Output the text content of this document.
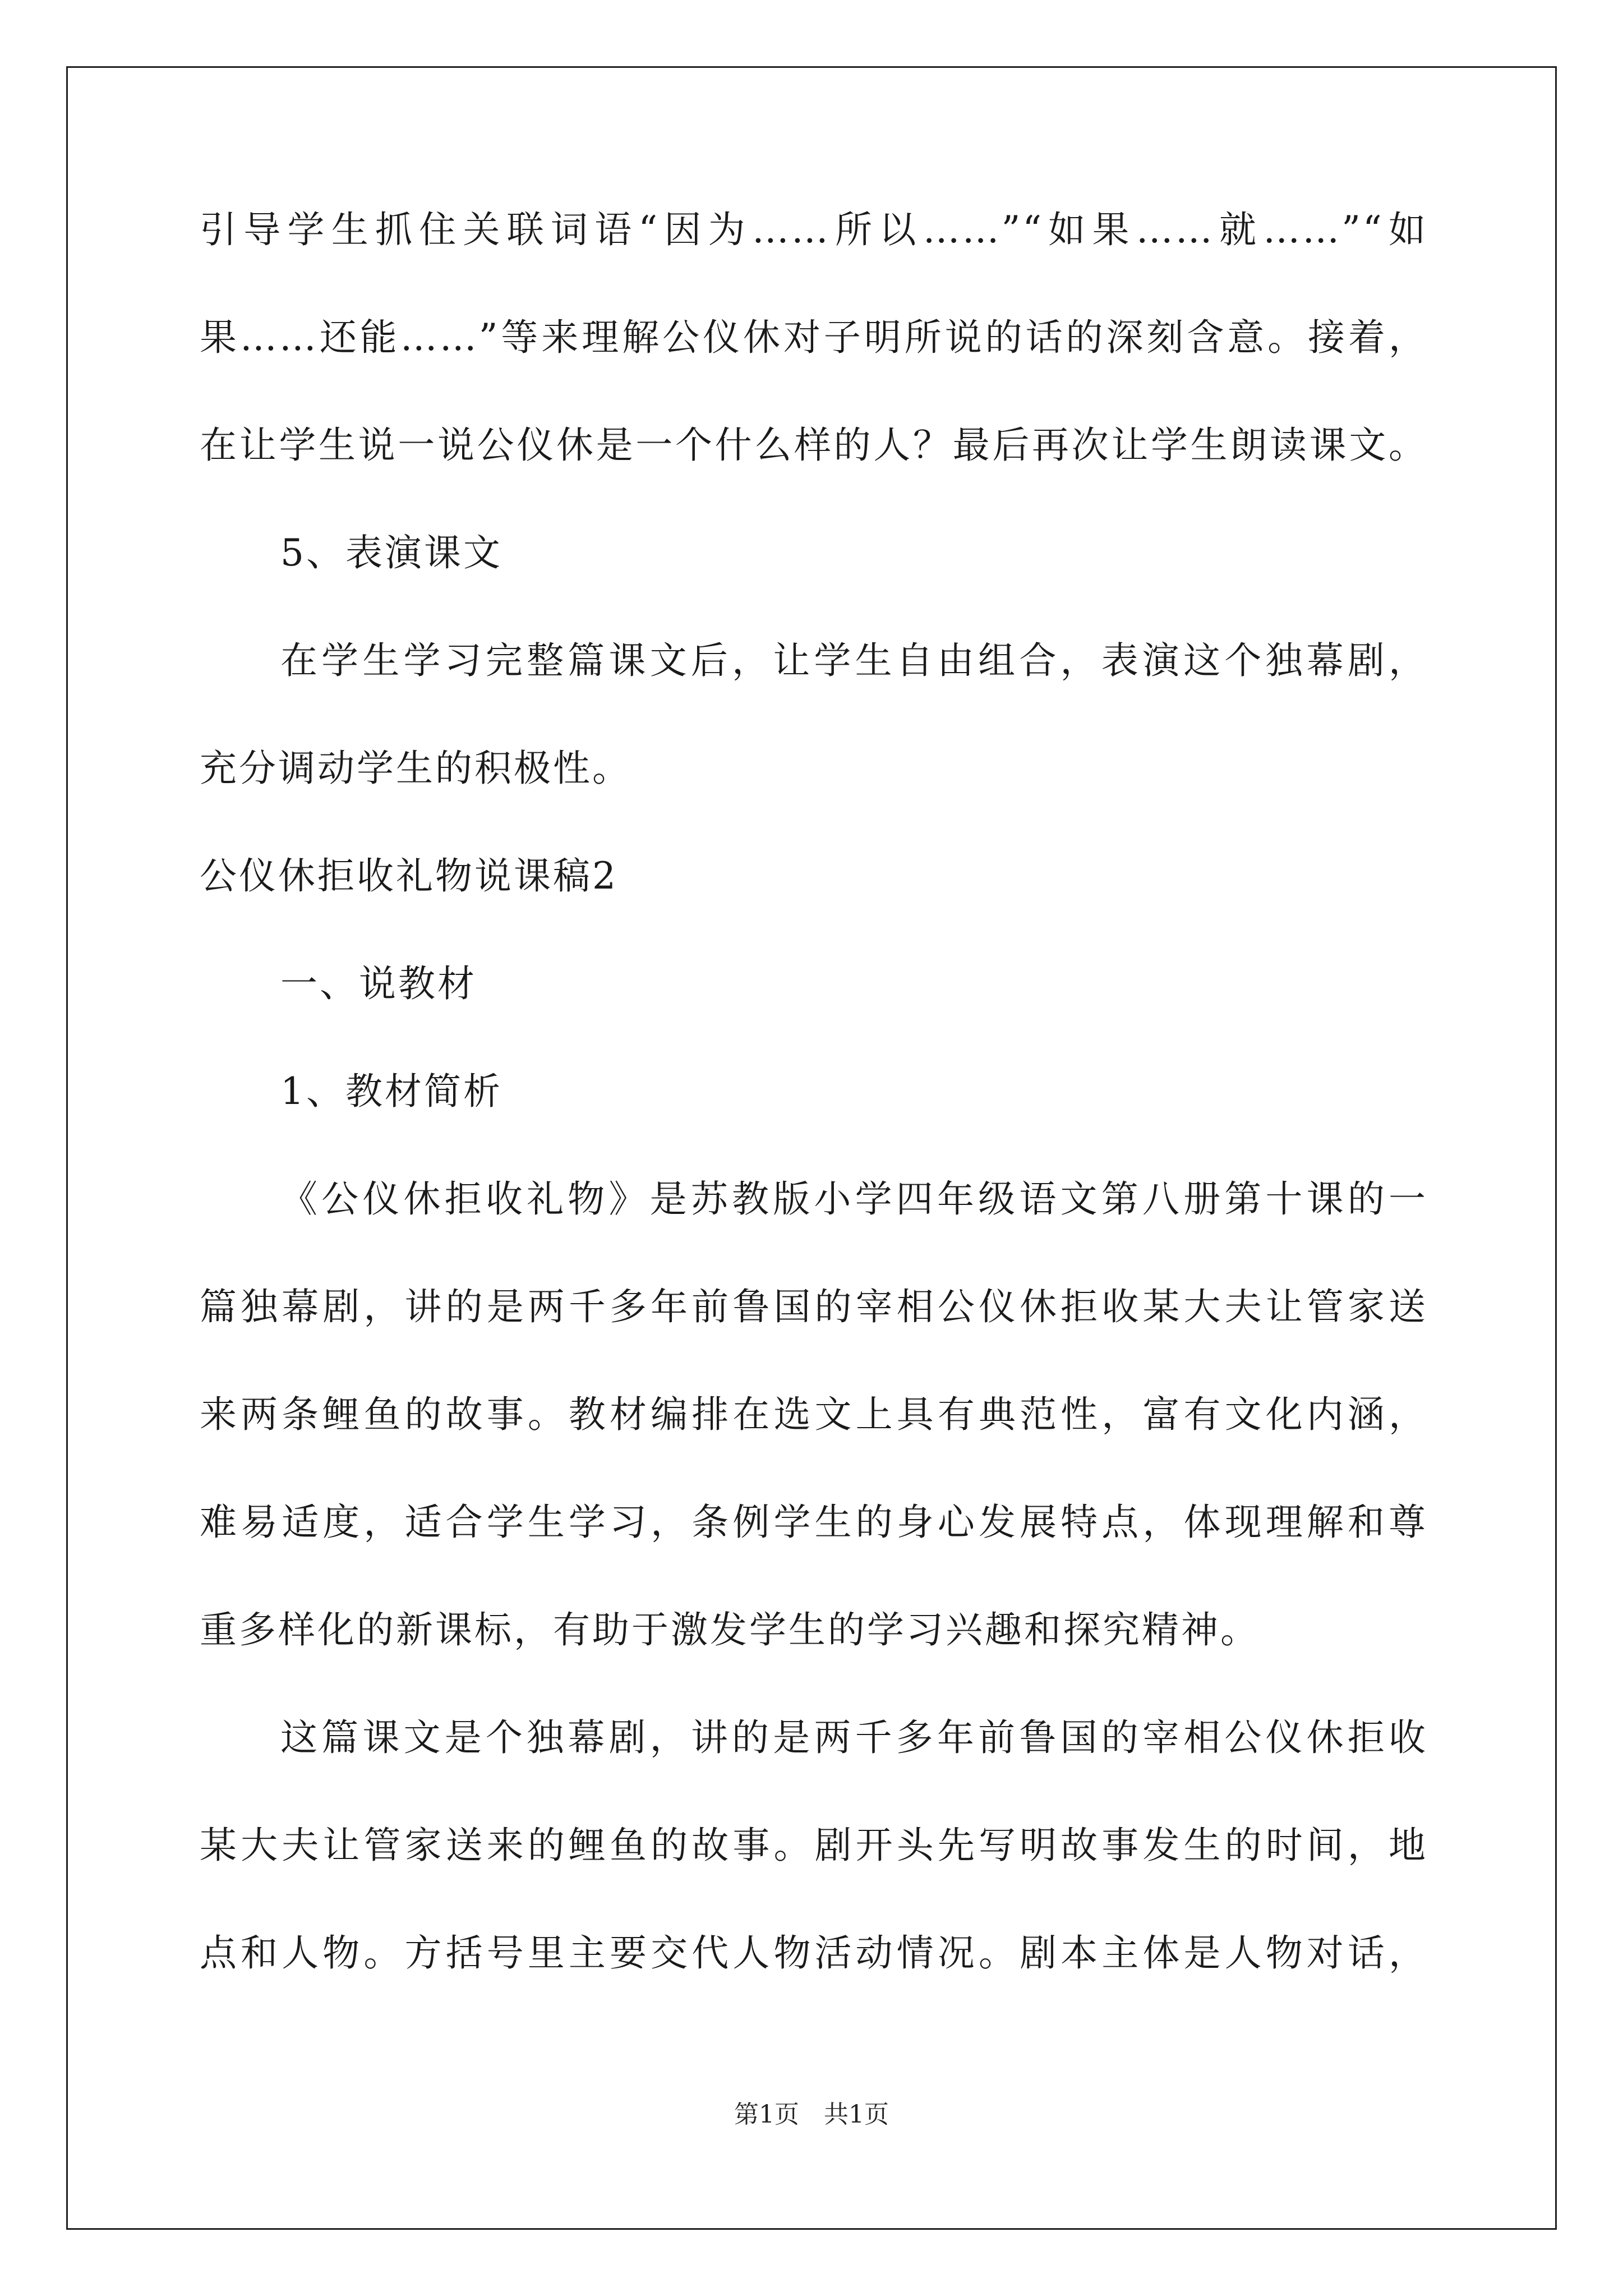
引导学生抓住关联词语“因为……所以……”“如果……就……”“如
果……还能……”等来理解公仪休对子明所说的话的深刻含意。接着，
在让学生说一说公仪休是一个什么样的人？最后再次让学生朗读课文。
5、表演课文
在学生学习完整篇课文后，让学生自由组合，表演这个独幕剧，
充分调动学生的积极性。
公仪休拒收礼物说课稿2
一、说教材
1、教材简析
《公仪休拒收礼物》是苏教版小学四年级语文第八册第十课的一
篇独幕剧，讲的是两千多年前鲁国的宰相公仪休拒收某大夫让管家送
来两条鲤鱼的故事。教材编排在选文上具有典范性，富有文化内涵，
难易适度，适合学生学习，条例学生的身心发展特点，体现理解和尊
重多样化的新课标，有助于激发学生的学习兴趣和探究精神。
这篇课文是个独幕剧，讲的是两千多年前鲁国的宰相公仪休拒收
某大夫让管家送来的鲤鱼的故事。剧开头先写明故事发生的时间，地
点和人物。方括号里主要交代人物活动情况。剧本主体是人物对话，
第1页　共1页
